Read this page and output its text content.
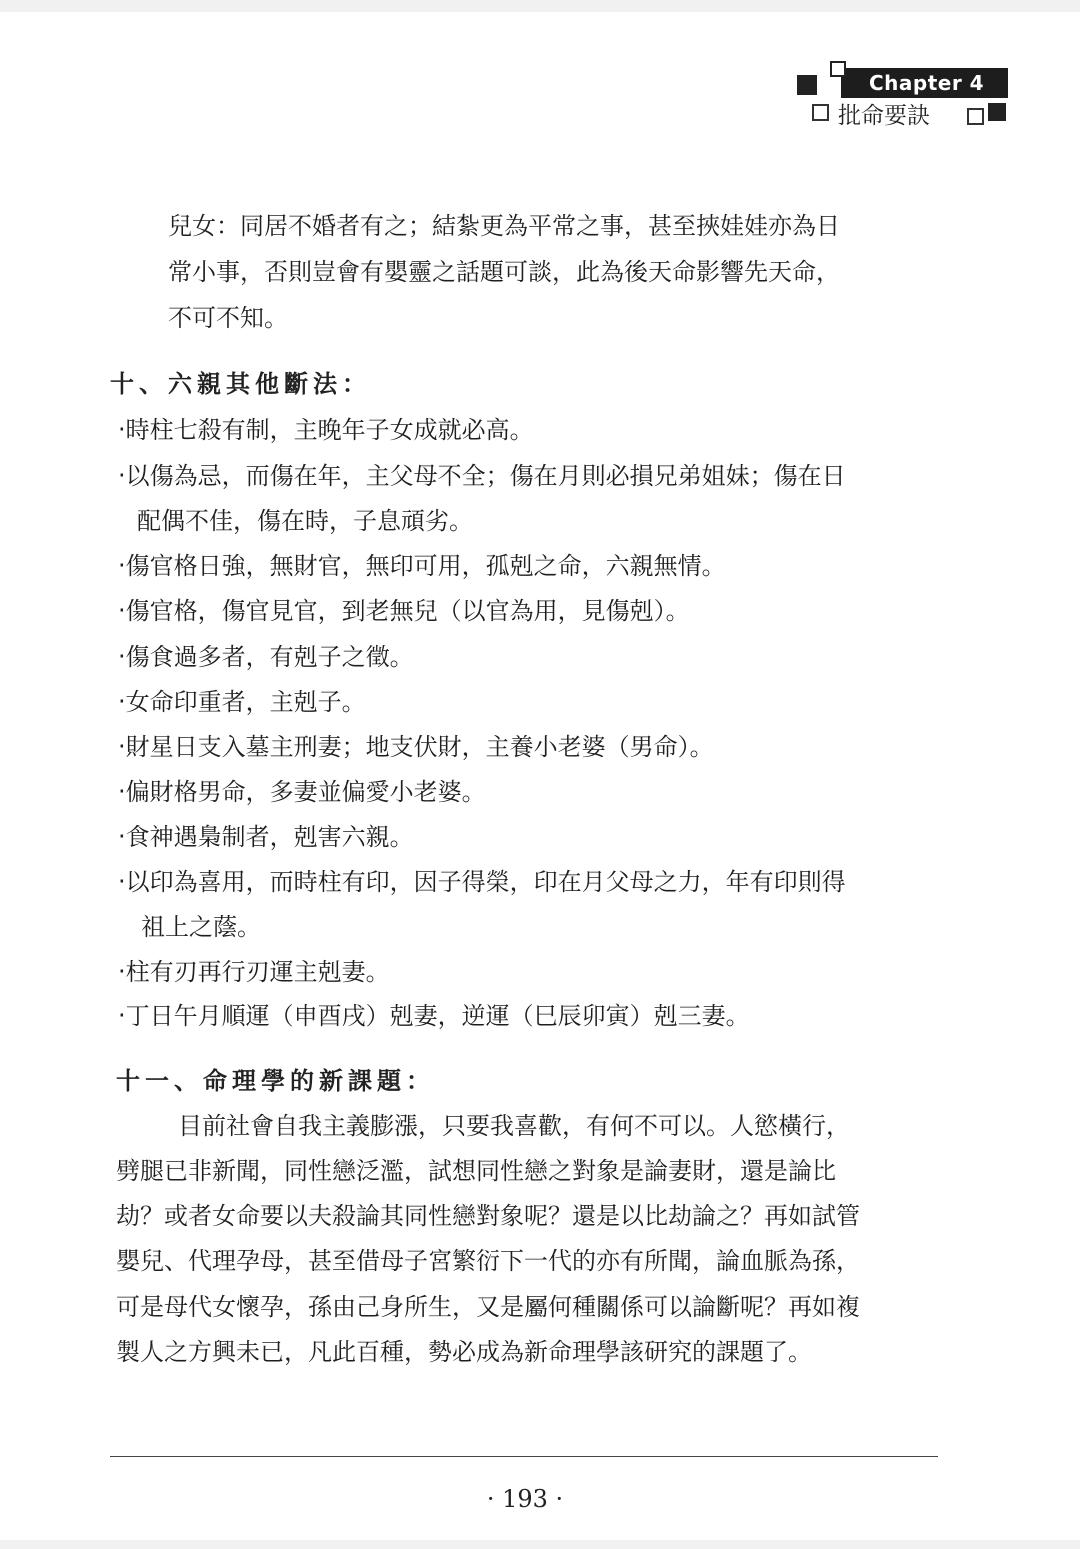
Chapter 4
批命要訣
兒女：同居不婚者有之；結紮更為平常之事，甚至挾娃娃亦為日
常小事，否則豈會有嬰靈之話題可談，此為後天命影響先天命，
不可不知。
十、六親其他斷法：
‧時柱七殺有制，主晚年子女成就必高。
‧以傷為忌，而傷在年，主父母不全；傷在月則必損兄弟姐妹；傷在日
配偶不佳，傷在時，子息頑劣。
‧傷官格日強，無財官，無印可用，孤剋之命，六親無情。
‧傷官格，傷官見官，到老無兒（以官為用，見傷剋）。
‧傷食過多者，有剋子之徵。
‧女命印重者，主剋子。
‧財星日支入墓主刑妻；地支伏財，主養小老婆（男命）。
‧偏財格男命，多妻並偏愛小老婆。
‧食神遇梟制者，剋害六親。
‧以印為喜用，而時柱有印，因子得榮，印在月父母之力，年有印則得
祖上之蔭。
‧柱有刃再行刃運主剋妻。
‧丁日午月順運（申酉戌）剋妻，逆運（巳辰卯寅）剋三妻。
十一、命理學的新課題：
目前社會自我主義膨漲，只要我喜歡，有何不可以。人慾橫行，
劈腿已非新聞，同性戀泛濫，試想同性戀之對象是論妻財，還是論比
劫？或者女命要以夫殺論其同性戀對象呢？還是以比劫論之？再如試管
嬰兒、代理孕母，甚至借母子宮繁衍下一代的亦有所聞，論血脈為孫，
可是母代女懷孕，孫由己身所生，又是屬何種關係可以論斷呢？再如複
製人之方興未已，凡此百種，勢必成為新命理學該研究的課題了。
· 193 ·
